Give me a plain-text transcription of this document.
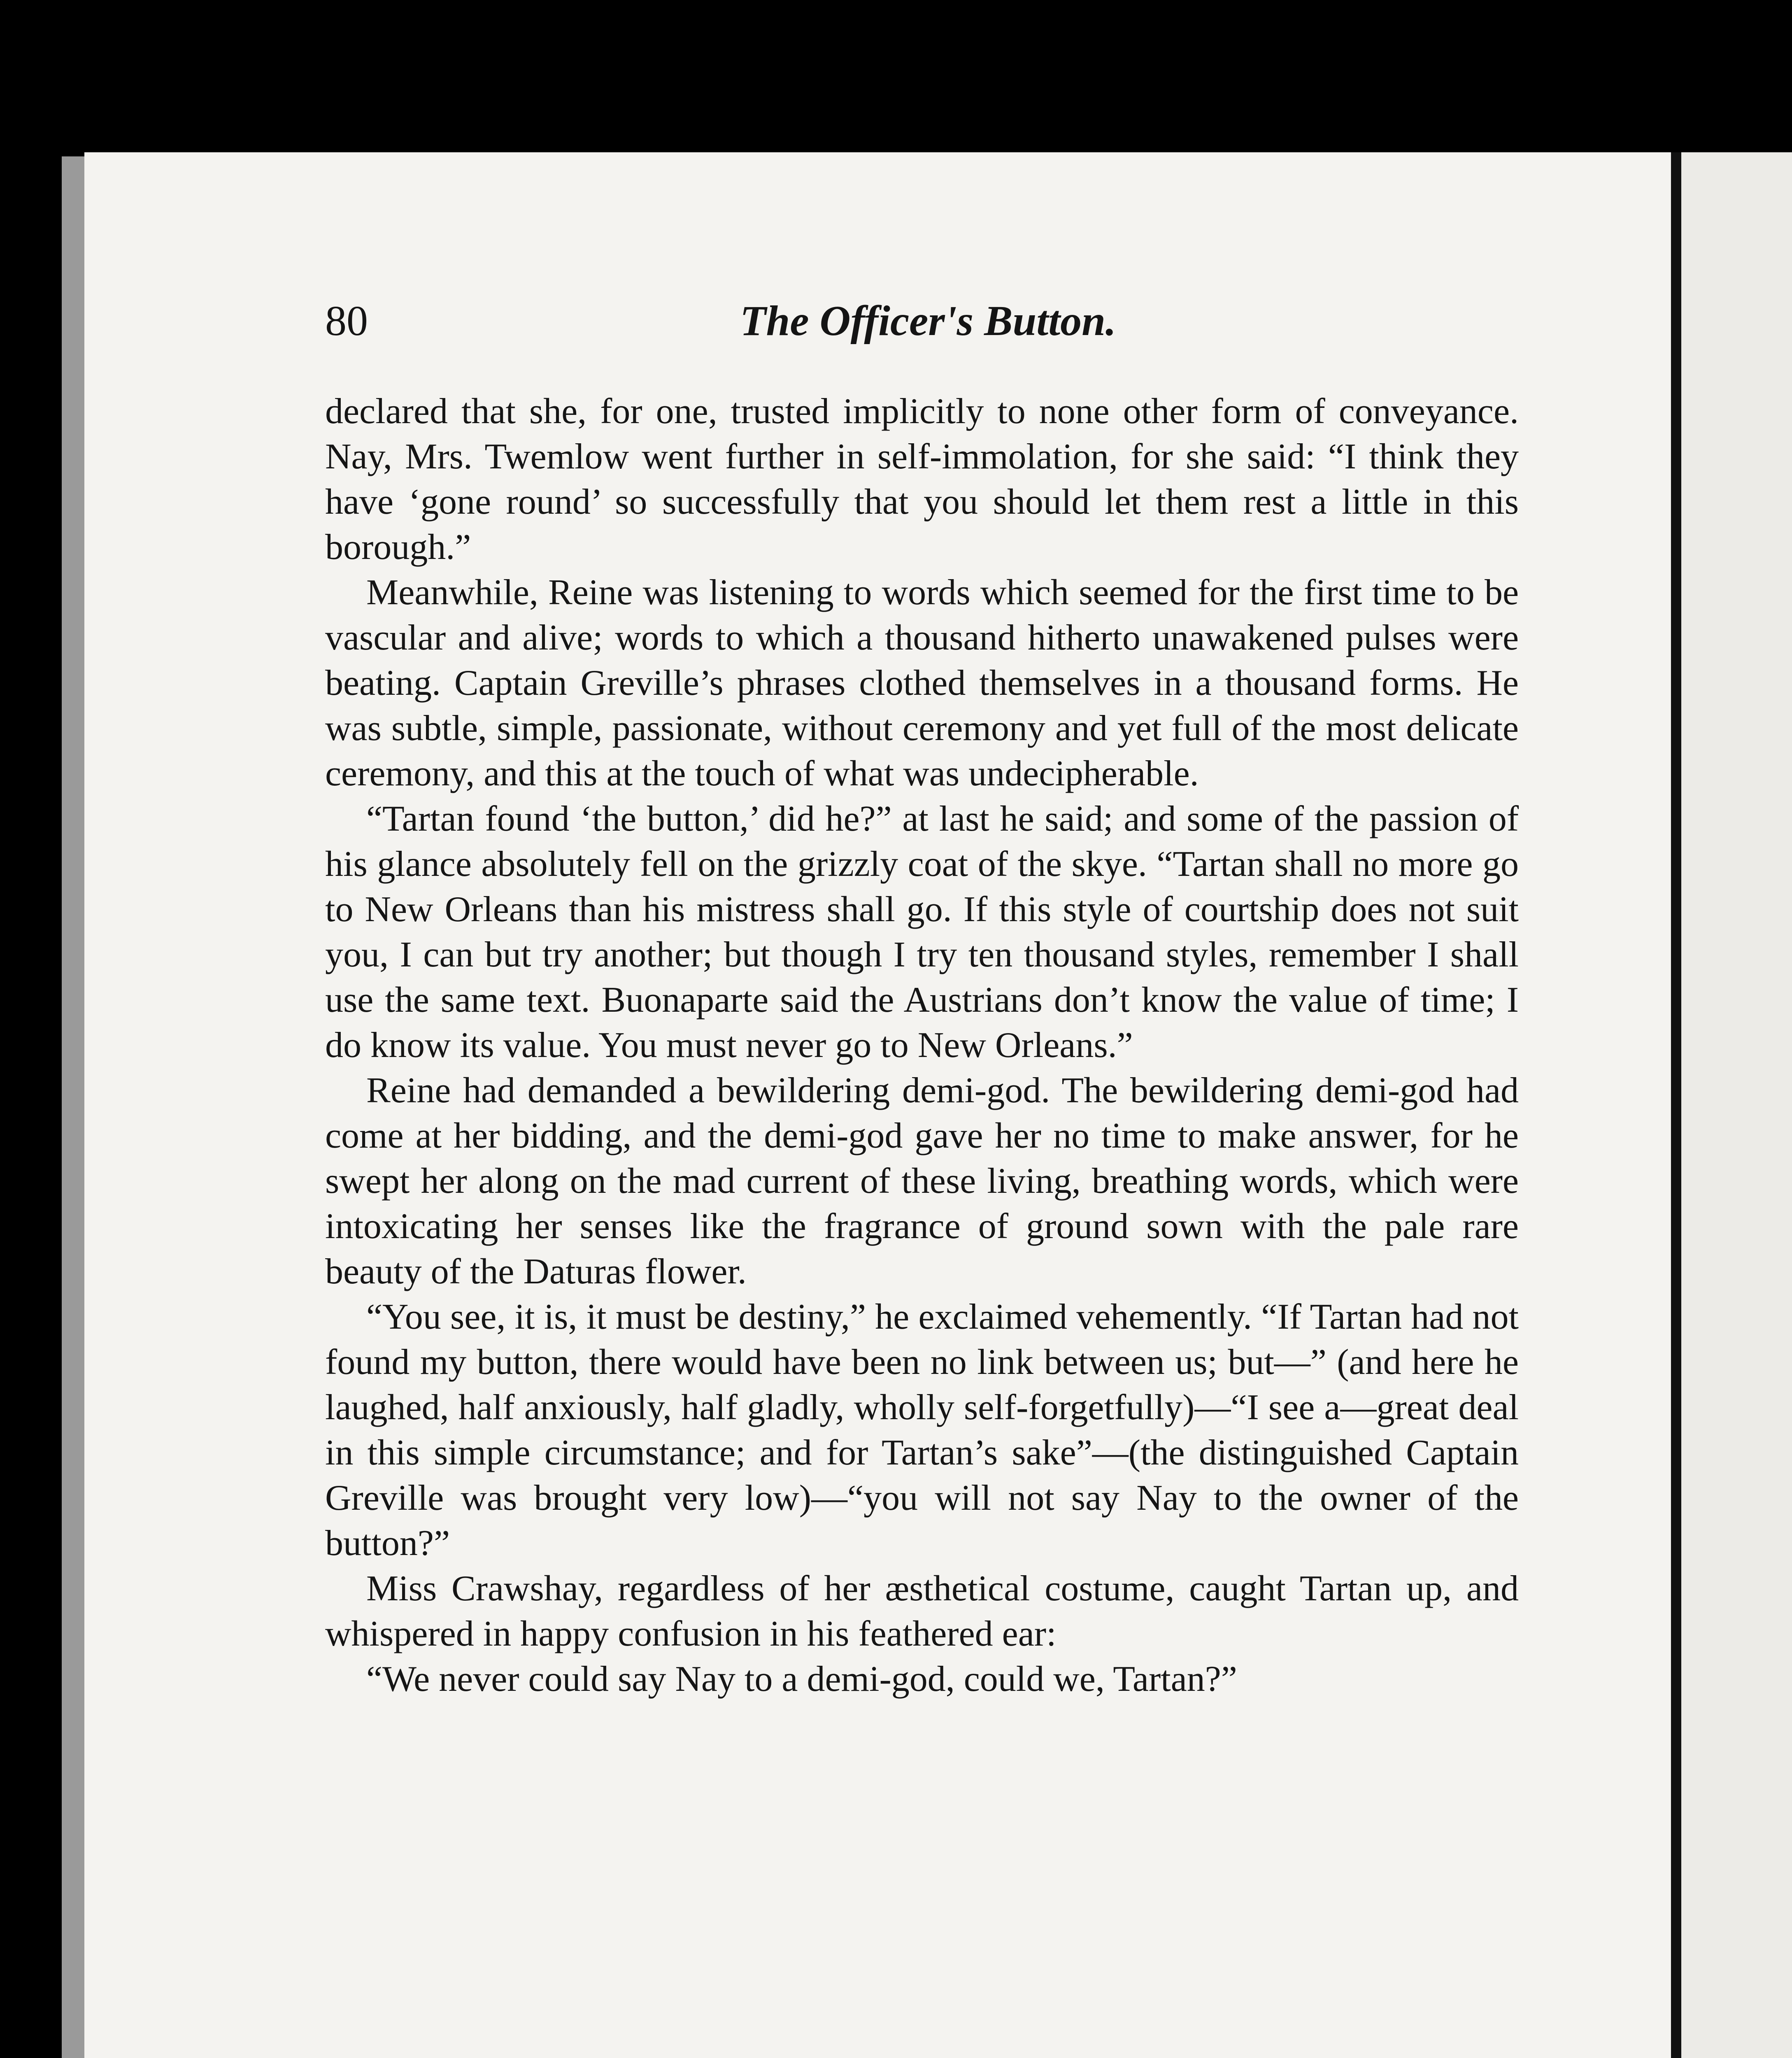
80	The Officer's Button.

declared that she, for one, trusted implicitly to none other form of conveyance. Nay, Mrs. Twemlow went further in self-immolation, for she said: “I think they have ‘gone round’ so successfully that you should let them rest a little in this borough.”

Meanwhile, Reine was listening to words which seemed for the first time to be vascular and alive; words to which a thousand hitherto unawakened pulses were beating. Captain Greville’s phrases clothed themselves in a thousand forms. He was subtle, simple, passionate, without ceremony and yet full of the most delicate ceremony, and this at the touch of what was undecipherable.

“Tartan found ‘the button,’ did he?” at last he said; and some of the passion of his glance absolutely fell on the grizzly coat of the skye. “Tartan shall no more go to New Orleans than his mistress shall go. If this style of courtship does not suit you, I can but try another; but though I try ten thousand styles, remember I shall use the same text. Buonaparte said the Austrians don’t know the value of time; I do know its value. You must never go to New Orleans.”

Reine had demanded a bewildering demi-god. The bewildering demi-god had come at her bidding, and the demi-god gave her no time to make answer, for he swept her along on the mad current of these living, breathing words, which were intoxicating her senses like the fragrance of ground sown with the pale rare beauty of the Daturas flower.

“You see, it is, it must be destiny,” he exclaimed vehemently. “If Tartan had not found my button, there would have been no link between us; but—” (and here he laughed, half anxiously, half gladly, wholly self-forgetfully)—“I see a—great deal in this simple circumstance; and for Tartan’s sake”—(the distinguished Captain Greville was brought very low)—“you will not say Nay to the owner of the button?”

Miss Crawshay, regardless of her æsthetical costume, caught Tartan up, and whispered in happy confusion in his feathered ear:

“We never could say Nay to a demi-god, could we, Tartan?”
